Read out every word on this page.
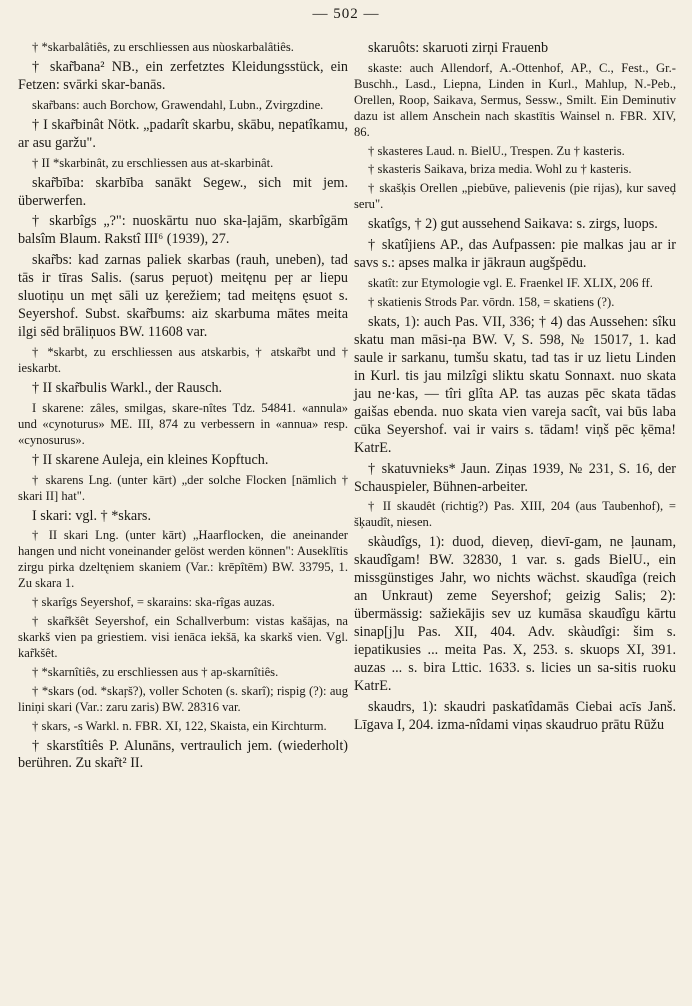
— 502 —

† *skarbalâtiês, zu erschliessen aus nùoskarbalâtiês.

† skar̃bana² NB., ein zerfetztes Kleidungsstück, ein Fetzen: svārki skar-banās.

skar̃bans: auch Borchow, Grawendahl, Lubn., Zvirgzdine.

† I skar̃binât Nötk. „padarît skarbu, skābu, nepatîkamu, ar asu garžu".

† II *skarbinât, zu erschliessen aus at-skarbinât.

skar̃bība: skarbība sanākt Segew., sich mit jem. überwerfen.

† skarbîgs „?": nuoskārtu nuo ska-ļajām, skarbîgām balsîm Blaum. Rakstî III⁶ (1939), 27.

skar̃bs: kad zarnas paliek skarbas (rauh, uneben), tad tās ir tīras Salis. (sarus peŗuot) meitęnu peŗ ar liepu sluotiņu un męt sāli uz ķerežiem; tad meitęns ęsuot s. Seyershof. Subst. skar̃bums: aiz skarbuma mātes meita ilgi sēd brāliņuos BW. 11608 var.

† *skarbt, zu erschliessen aus atskarbis, † atskar̃bt und † ieskarbt.

† II skar̃bulis Warkl., der Rausch.

I skarene: zâles, smilgas, skare-nîtes Tdz. 54841. «annula» und «cynoturus» ME. III, 874 zu verbessern in «annua» resp. «cynosurus».

† II skarene Auleja, ein kleines Kopftuch.

† skarens Lng. (unter kārt) „der solche Flocken [nämlich † skari II] hat".

I skari: vgl. † *skars.

† II skari Lng. (unter kārt) „Haarflocken, die aneinander hangen und nicht voneinander gelöst werden können": Auseklītis zirgu pirka dzeltęniem skaniem (Var.: krēpîtēm) BW. 33795, 1. Zu skara 1.

† skarîgs Seyershof, = skarains: ska-rîgas auzas.

† skar̃kšêt Seyershof, ein Schallverbum: vistas kašājas, na skarkš vien pa griestiem. visi ienāca iekšā, ka skarkš vien. Vgl. kar̃kšêt.

† *skarnîtiês, zu erschliessen aus † ap-skarnîtiês.

† *skars (od. *skaŗš?), voller Schoten (s. skarî); rispig (?): aug liniņi skari (Var.: zaru zaris) BW. 28316 var.

† skars, -s Warkl. n. FBR. XI, 122, Skaista, ein Kirchturm.

† skarstîtiês P. Alunāns, vertraulich jem. (wiederholt) berühren. Zu skar̃t² II.

skaruôts: skaruoti zirņi Frauenb

skaste: auch Allendorf, A.-Ottenhof, AP., C., Fest., Gr.-Buschh., Lasd., Liepna, Linden in Kurl., Mahlup, N.-Peb., Orellen, Roop, Saikava, Sermus, Sessw., Smilt. Ein Deminutiv dazu ist allem Anschein nach skastītis Wainsel n. FBR. XIV, 86.

† skasteres Laud. n. BielU., Trespen. Zu † kasteris.

† skasteris Saikava, briza media. Wohl zu † kasteris.

† skašķis Orellen „piebūve, palievenis (pie rijas), kur saveḑ seru".

skatîgs, † 2) gut aussehend Saikava: s. zirgs, luops.

† skatîjiens AP., das Aufpassen: pie malkas jau ar ir savs s.: apses malka ir jākraun augšpēdu.

skatît: zur Etymologie vgl. E. Fraenkel IF. XLIX, 206 ff.

† skatienis Strods Par. vōrdn. 158, = skatiens (?).

skats, 1): auch Pas. VII, 336; † 4) das Aussehen: sîku skatu man māsi-ņa BW. V, S. 598, № 15017, 1. kad saule ir sarkanu, tumšu skatu, tad tas ir uz lietu Linden in Kurl. tis jau milzîgi sliktu skatu Sonnaxt. nuo skata jau ne·kas, — tîri glîta AP. tas auzas pēc skata tādas gaišas ebenda. nuo skata vien vareja sacît, vai būs laba cūka Seyershof. vai ir vairs s. tādam! viņš pēc ķēma! KatrE.

† skatuvnieks* Jaun. Ziņas 1939, № 231, S. 16, der Schauspieler, Bühnen-arbeiter.

† II skaudêt (richtig?) Pas. XIII, 204 (aus Taubenhof), = šķaudît, niesen.

skàudîgs, 1): duod, dieveņ, dievī-gam, ne ļaunam, skaudîgam! BW. 32830, 1 var. s. gads BielU., ein missgünstiges Jahr, wo nichts wächst. skaudîga (reich an Unkraut) zeme Seyershof; geizig Salis; 2): übermässig: sažiekājis sev uz kumāsa skaudîgu kārtu sinap[j]u Pas. XII, 404. Adv. skàudîgi: šim s. iepatikusies ... meita Pas. X, 253. s. skuops XI, 391. auzas ... s. bira Lttic. 1633. s. licies un sa-sitis ruoku KatrE.

skaudrs, 1): skaudri paskatîdamās Ciebai acīs Janš. Līgava I, 204. izma-nîdami viņas skaudruo prātu Rūžu
